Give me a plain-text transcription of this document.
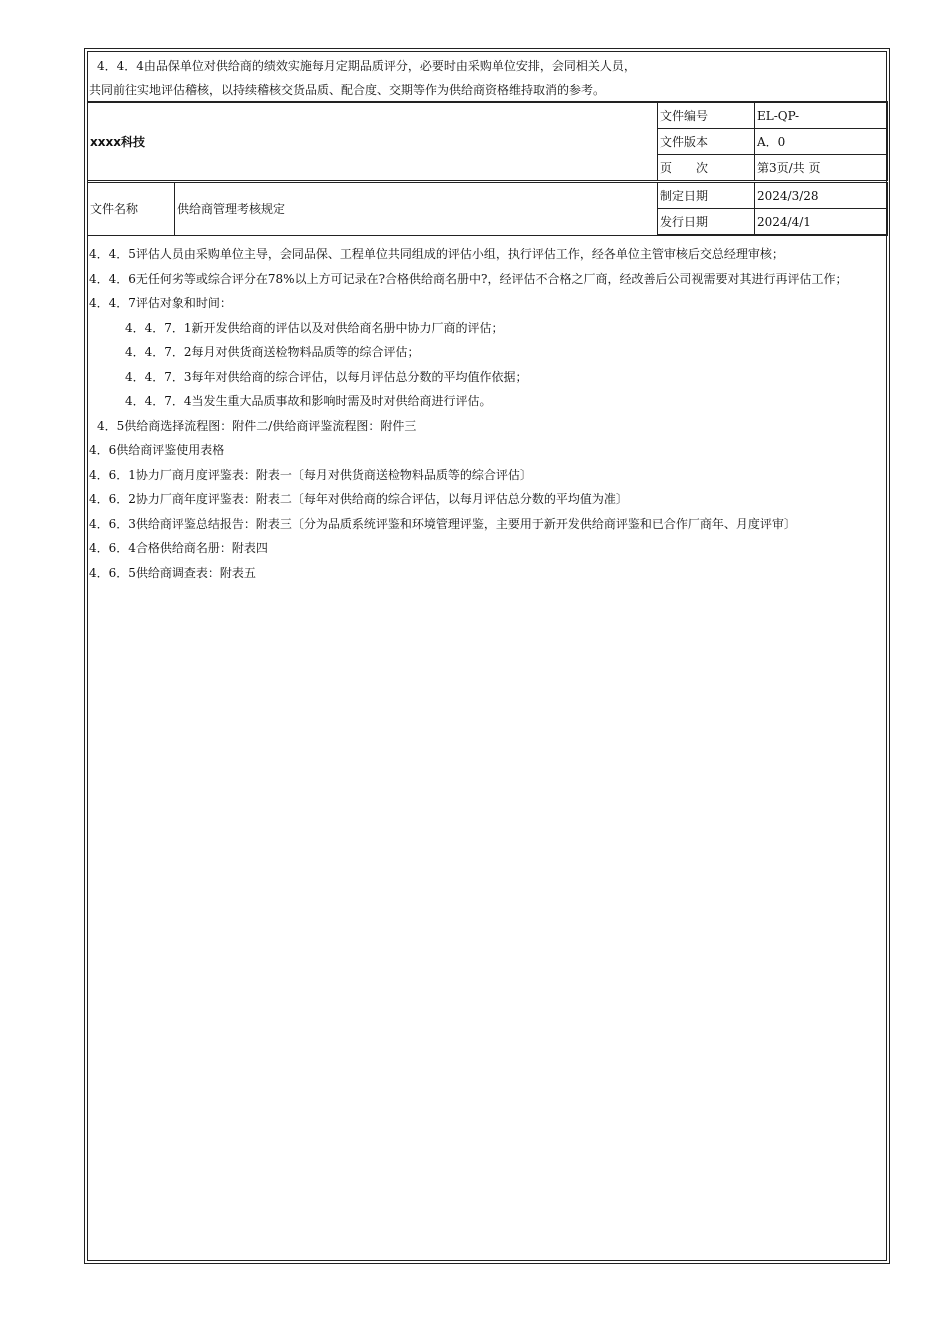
4．4．4由品保单位对供给商的绩效实施每月定期品质评分，必要时由采购单位安排，会同相关人员，

共同前往实地评估稽核，以持续稽核交货品质、配合度、交期等作为供给商资格维持取消的参考。

xxxx科技		文件编号	EL-QP-
		文件版本	A．0
		页　　次	第3页/共 页
文件名称	供给商管理考核规定	制定日期	2024/3/28
		发行日期	2024/4/1

4．4．5评估人员由采购单位主导，会同品保、工程单位共同组成的评估小组，执行评估工作，经各单位主管审核后交总经理审核；

4．4．6无任何劣等或综合评分在78%以上方可记录在?合格供给商名册中?，经评估不合格之厂商，经改善后公司视需要对其进行再评估工作；

4．4．7评估对象和时间：

4．4．7．1新开发供给商的评估以及对供给商名册中协力厂商的评估；

4．4．7．2每月对供货商送检物料品质等的综合评估；

4．4．7．3每年对供给商的综合评估，以每月评估总分数的平均值作依据；

4．4．7．4当发生重大品质事故和影响时需及时对供给商进行评估。

4．5供给商选择流程图：附件二/供给商评鉴流程图：附件三

4．6供给商评鉴使用表格

4．6．1协力厂商月度评鉴表：附表一〔每月对供货商送检物料品质等的综合评估〕

4．6．2协力厂商年度评鉴表：附表二〔每年对供给商的综合评估，以每月评估总分数的平均值为准〕

4．6．3供给商评鉴总结报告：附表三〔分为品质系统评鉴和环境管理评鉴，主要用于新开发供给商评鉴和已合作厂商年、月度评审〕

4．6．4合格供给商名册：附表四

4．6．5供给商调查表：附表五
